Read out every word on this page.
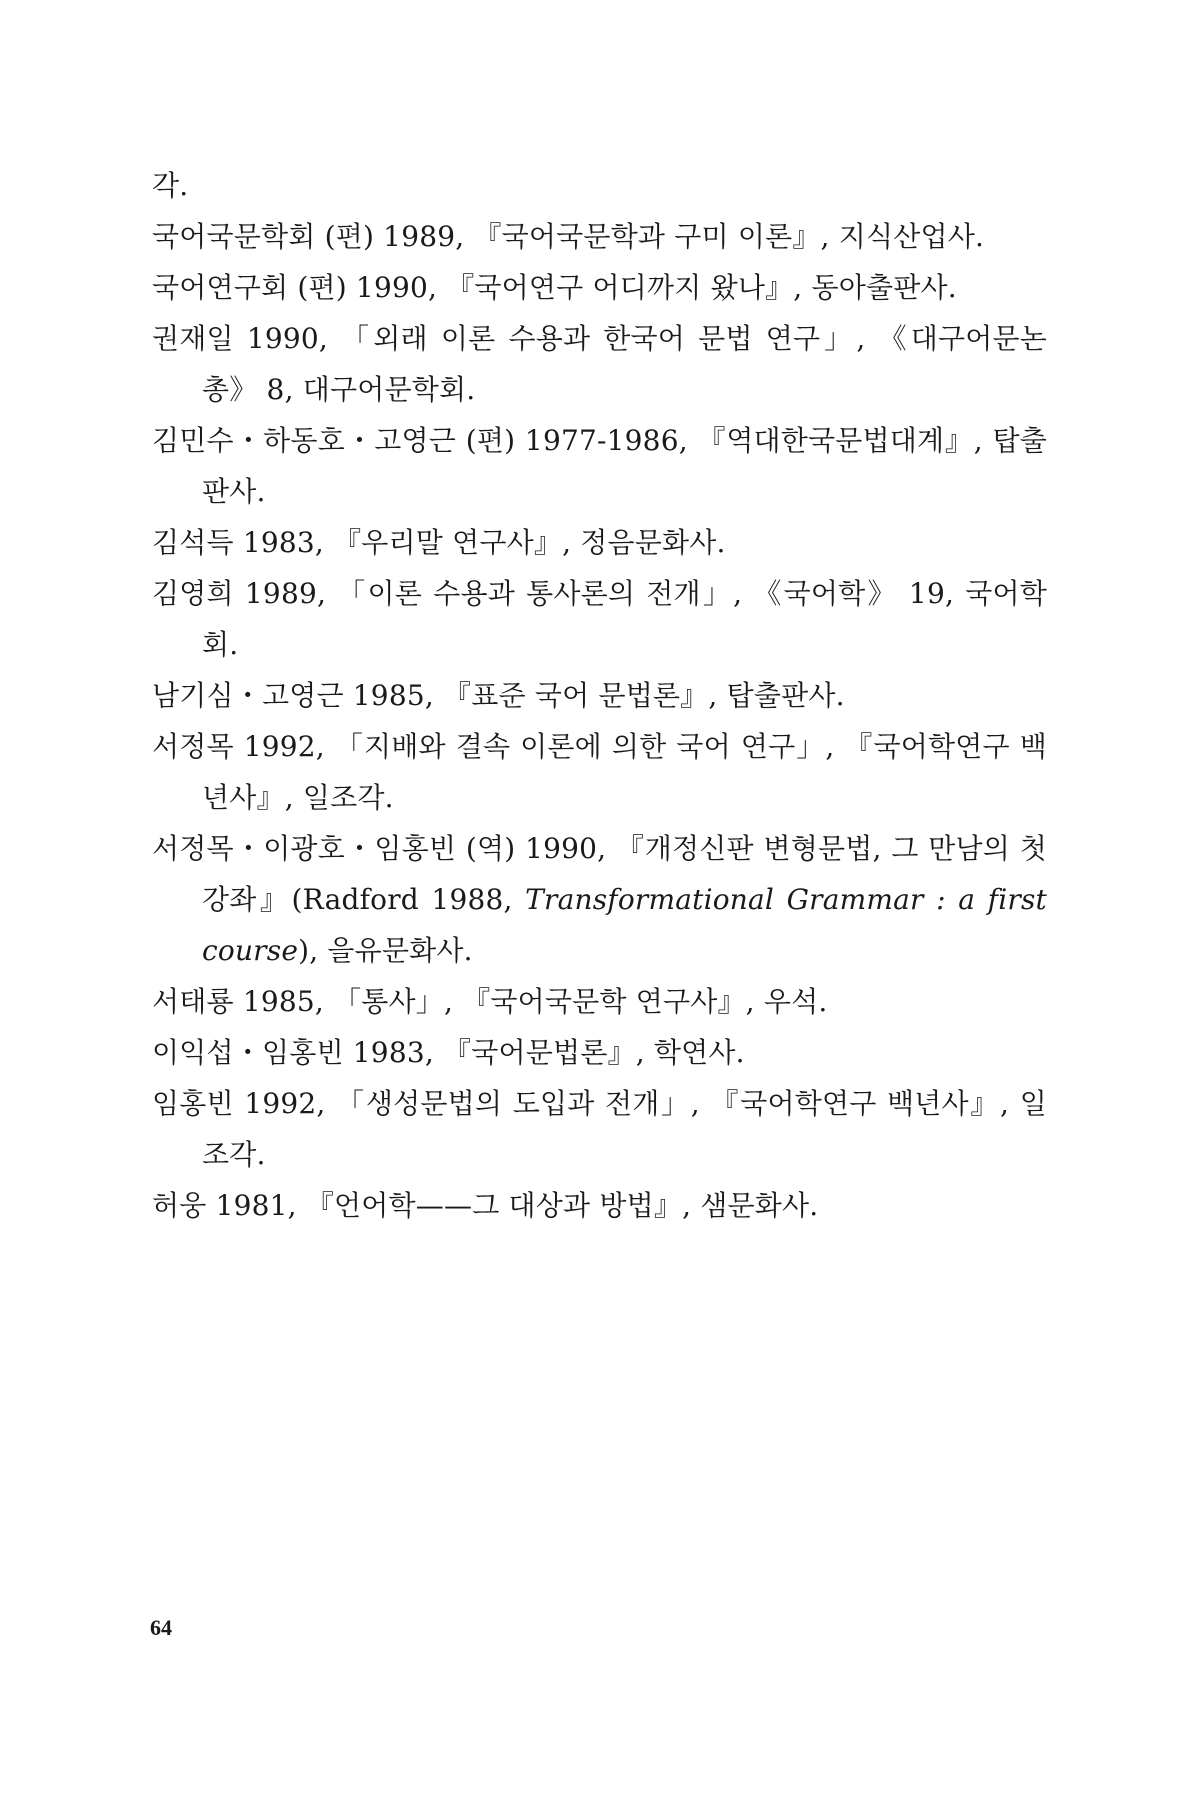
각.
국어국문학회 (편) 1989, 『국어국문학과 구미 이론』, 지식산업사.
국어연구회 (편) 1990, 『국어연구 어디까지 왔나』, 동아출판사.
권재일 1990, 「외래 이론 수용과 한국어 문법 연구」, 《대구어문논총》 8, 대구어문학회.
김민수・하동호・고영근 (편) 1977-1986, 『역대한국문법대계』, 탑출판사.
김석득 1983, 『우리말 연구사』, 정음문화사.
김영희 1989, 「이론 수용과 통사론의 전개」, 《국어학》 19, 국어학회.
남기심・고영근 1985, 『표준 국어 문법론』, 탑출판사.
서정목 1992, 「지배와 결속 이론에 의한 국어 연구」, 『국어학연구 백년사』, 일조각.
서정목・이광호・임홍빈 (역) 1990, 『개정신판 변형문법, 그 만남의 첫 강좌』(Radford 1988, Transformational Grammar : a first course), 을유문화사.
서태룡 1985, 「통사」, 『국어국문학 연구사』, 우석.
이익섭・임홍빈 1983, 『국어문법론』, 학연사.
임홍빈 1992, 「생성문법의 도입과 전개」, 『국어학연구 백년사』, 일조각.
허웅 1981, 『언어학——그 대상과 방법』, 샘문화사.
64
